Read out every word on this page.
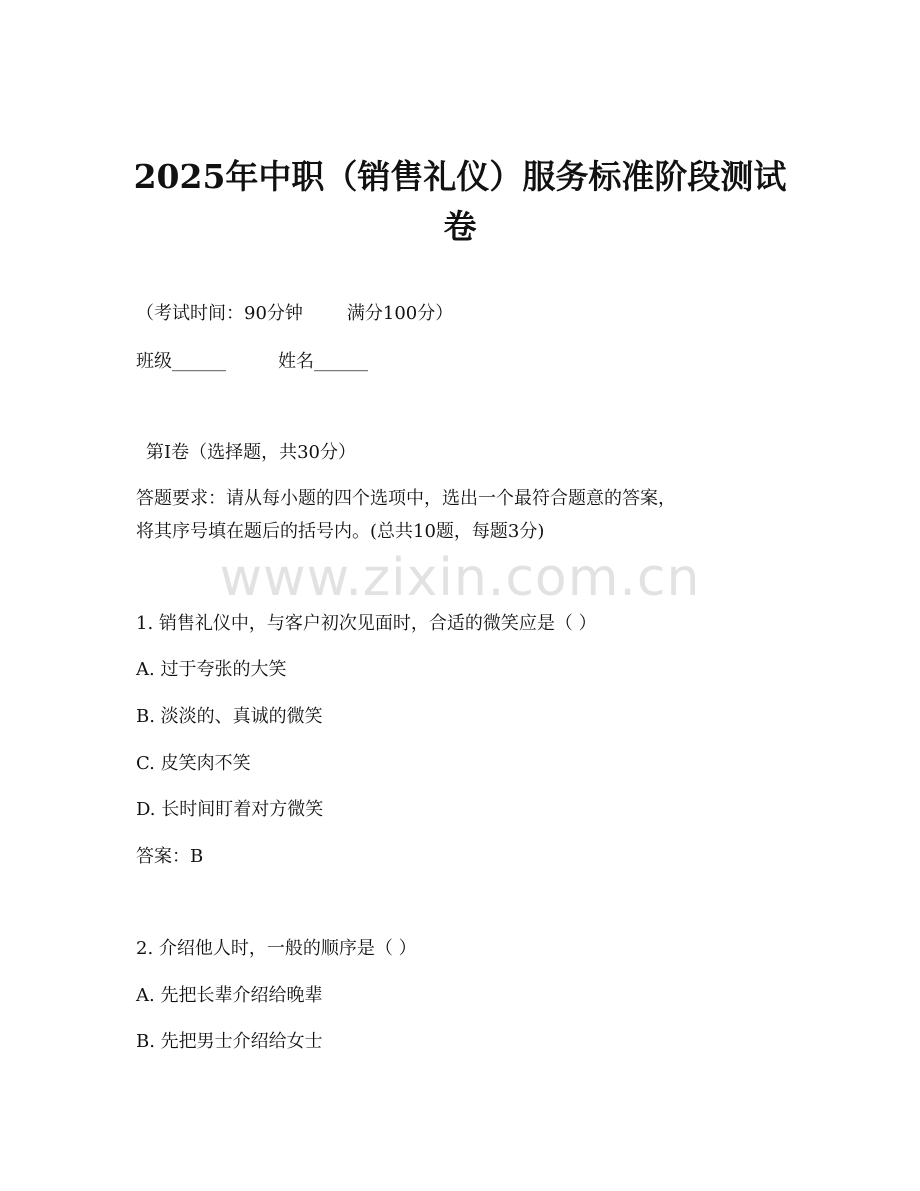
2025年中职（销售礼仪）服务标准阶段测试
卷
（考试时间：90分钟 满分100分）
班级______	姓名______
第I卷（选择题，共30分）
答题要求：请从每小题的四个选项中，选出一个最符合题意的答案，
将其序号填在题后的括号内。(总共10题，每题3分)
www.zixin.com.cn
1. 销售礼仪中，与客户初次见面时，合适的微笑应是（ ）
A. 过于夸张的大笑
B. 淡淡的、真诚的微笑
C. 皮笑肉不笑
D. 长时间盯着对方微笑
答案：B
2. 介绍他人时，一般的顺序是（ ）
A. 先把长辈介绍给晚辈
B. 先把男士介绍给女士
